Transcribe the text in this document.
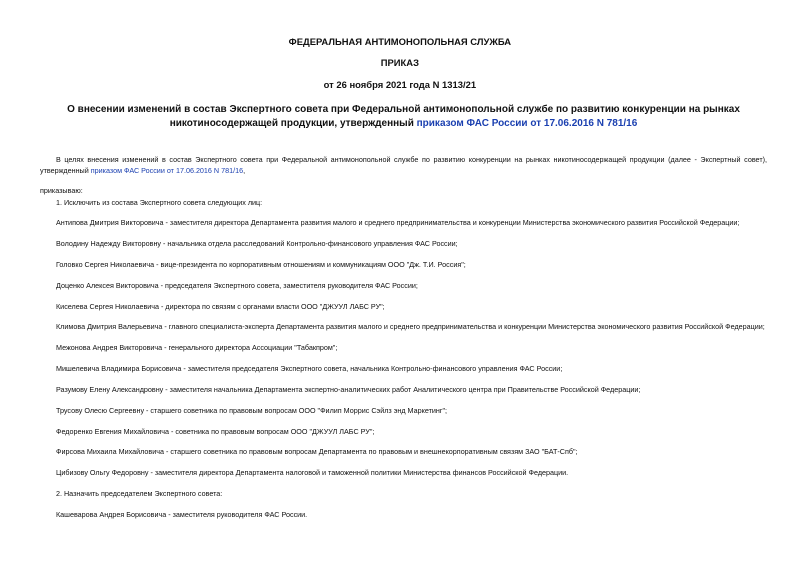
ФЕДЕРАЛЬНАЯ АНТИМОНОПОЛЬНАЯ СЛУЖБА
ПРИКАЗ
от 26 ноября 2021 года N 1313/21
О внесении изменений в состав Экспертного совета при Федеральной антимонопольной службе по развитию конкуренции на рынках никотиносодержащей продукции, утвержденный приказом ФАС России от 17.06.2016 N 781/16
В целях внесения изменений в состав Экспертного совета при Федеральной антимонопольной службе по развитию конкуренции на рынках никотиносодержащей продукции (далее - Экспертный совет), утвержденный приказом ФАС России от 17.06.2016 N 781/16,
приказываю:
1. Исключить из состава Экспертного совета следующих лиц:
Антипова Дмитрия Викторовича - заместителя директора Департамента развития малого и среднего предпринимательства и конкуренции Министерства экономического развития Российской Федерации;
Володину Надежду Викторовну - начальника отдела расследований Контрольно-финансового управления ФАС России;
Головко Сергея Николаевича - вице-президента по корпоративным отношениям и коммуникациям ООО "Дж. Т.И. Россия";
Доценко Алексея Викторовича - председателя Экспертного совета, заместителя руководителя ФАС России;
Киселева Сергея Николаевича - директора по связям с органами власти ООО "ДЖУУЛ ЛАБС РУ";
Климова Дмитрия Валерьевича - главного специалиста-эксперта Департамента развития малого и среднего предпринимательства и конкуренции Министерства экономического развития Российской Федерации;
Межонова Андрея Викторовича - генерального директора Ассоциации "Табакпром";
Мишелевича Владимира Борисовича - заместителя председателя Экспертного совета, начальника Контрольно-финансового управления ФАС России;
Разумову Елену Александровну - заместителя начальника Департамента экспертно-аналитических работ Аналитического центра при Правительстве Российской Федерации;
Трусову Олесю Сергеевну - старшего советника по правовым вопросам ООО "Филип Моррис Сэйлз энд Маркетинг";
Федоренко Евгения Михайловича - советника по правовым вопросам ООО "ДЖУУЛ ЛАБС РУ";
Фирсова Михаила Михайловича - старшего советника по правовым вопросам Департамента по правовым и внешнекорпоративным связям ЗАО "БАТ-Спб";
Цибизову Ольгу Федоровну - заместителя директора Департамента налоговой и таможенной политики Министерства финансов Российской Федерации.
2. Назначить председателем Экспертного совета:
Кашеварова Андрея Борисовича - заместителя руководителя ФАС России.
